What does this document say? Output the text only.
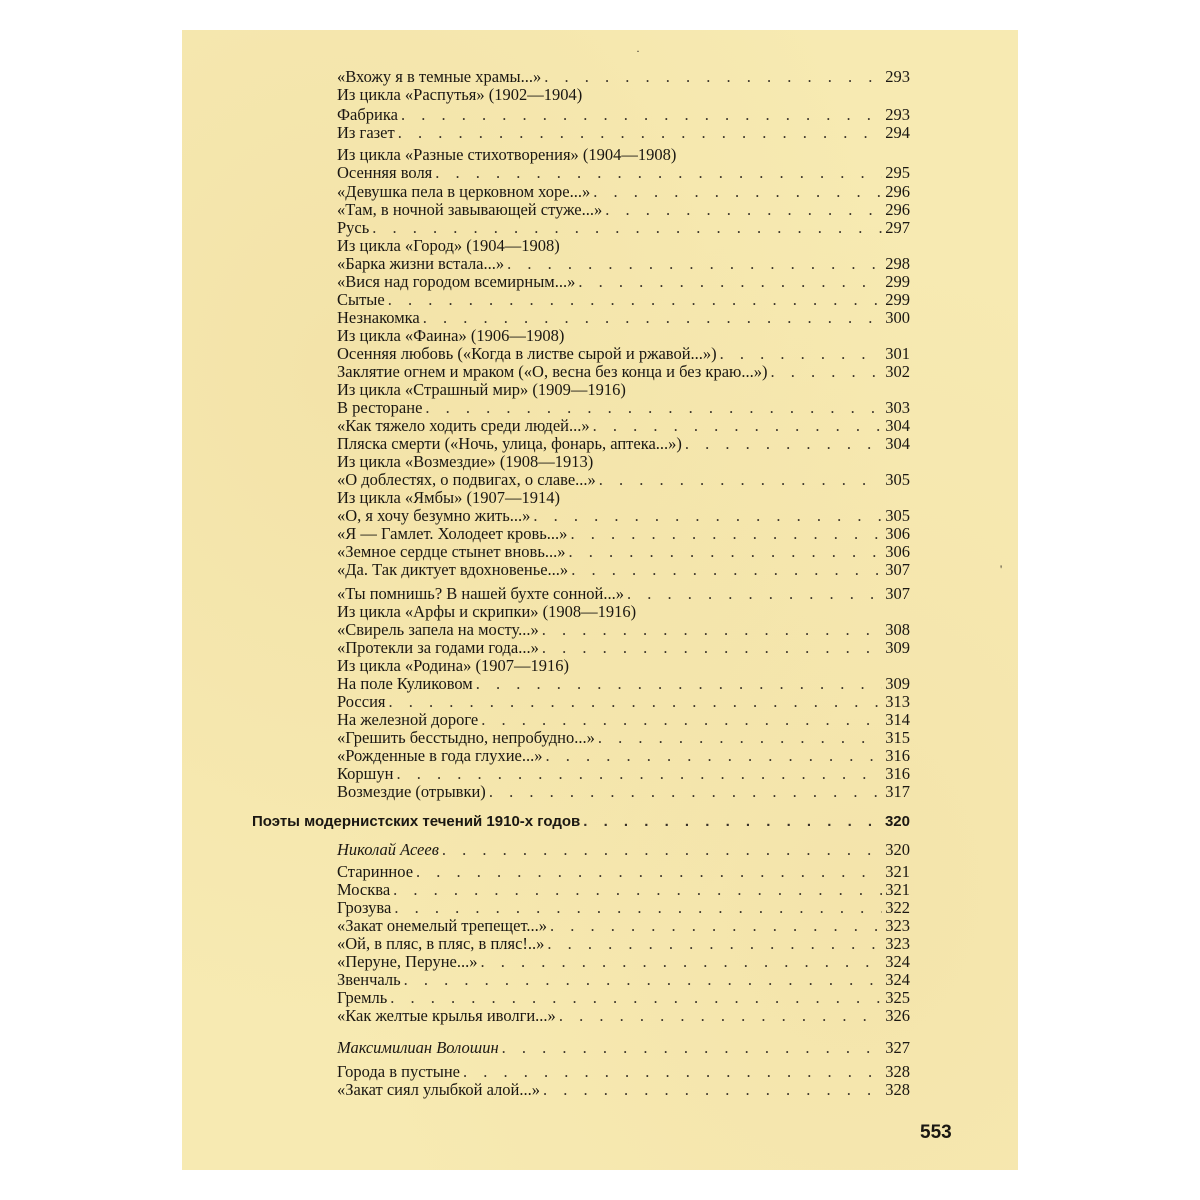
«Вхожу я в темные храмы...» . . .	293
Из цикла «Распутья» (1902—1904)
Фабрика . . .	293
Из газет . . .	294
Из цикла «Разные стихотворения» (1904—1908)
Осенняя воля . . .	295
«Девушка пела в церковном хоре...» . . .	296
«Там, в ночной завывающей стуже...» . . .	296
Русь . . .	297
Из цикла «Город» (1904—1908)
«Барка жизни встала...» . . .	298
«Вися над городом всемирным...» . . .	299
Сытые . . .	299
Незнакомка . . .	300
Из цикла «Фаина» (1906—1908)
Осенняя любовь («Когда в листве сырой и ржавой...») . . .	301
Заклятие огнем и мраком («О, весна без конца и без краю...») . . .	302
Из цикла «Страшный мир» (1909—1916)
В ресторане . . .	303
«Как тяжело ходить среди людей...» . . .	304
Пляска смерти («Ночь, улица, фонарь, аптека...») . . .	304
Из цикла «Возмездие» (1908—1913)
«О доблестях, о подвигах, о славе...» . . .	305
Из цикла «Ямбы» (1907—1914)
«О, я хочу безумно жить...» . . .	305
«Я — Гамлет. Холодеет кровь...» . . .	306
«Земное сердце стынет вновь...» . . .	306
«Да. Так диктует вдохновенье...» . . .	307
«Ты помнишь? В нашей бухте сонной...» . . .	307
Из цикла «Арфы и скрипки» (1908—1916)
«Свирель запела на мосту...» . . .	308
«Протекли за годами года...» . . .	309
Из цикла «Родина» (1907—1916)
На поле Куликовом . . .	309
Россия . . .	313
На железной дороге . . .	314
«Грешить бесстыдно, непробудно...» . . .	315
«Рожденные в года глухие...» . . .	316
Коршун . . .	316
Возмездие (отрывки) . . .	317
Поэты модернистских течений 1910-х годов . . .	320
Николай Асеев . . .	320
Старинное . . .	321
Москва . . .	321
Грозува . . .	322
«Закат онемелый трепещет...» . . .	323
«Ой, в пляс, в пляс, в пляс!..» . . .	323
«Перуне, Перуне...» . . .	324
Звенчаль . . .	324
Гремль . . .	325
«Как желтые крылья иволги...» . . .	326
Максимилиан Волошин . . .	327
Города в пустыне . . .	328
«Закат сиял улыбкой алой...» . . .	328
·
'
553
